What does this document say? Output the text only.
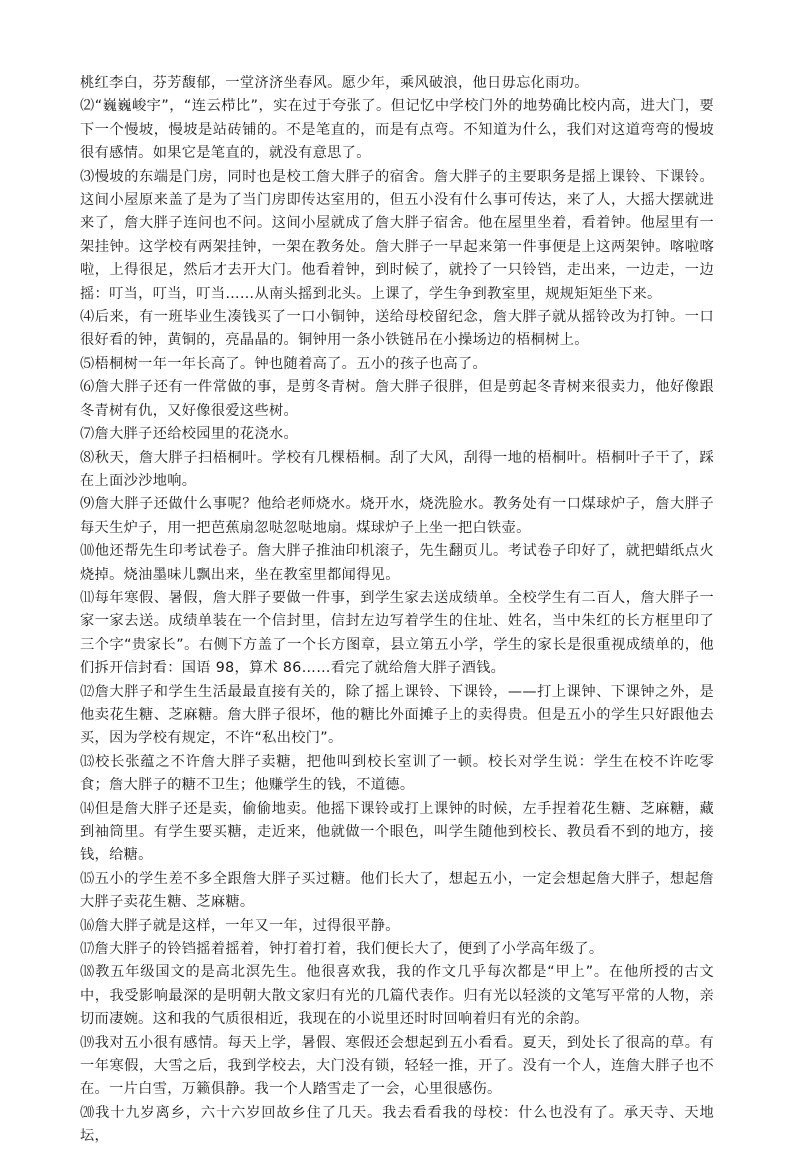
桃红李白，芬芳馥郁，一堂济济坐春风。愿少年，乘风破浪，他日毋忘化雨功。

⑵“巍巍峻宇”，“连云栉比”，实在过于夸张了。但记忆中学校门外的地势确比校内高，进大门，要下一个慢坡，慢坡是站砖铺的。不是笔直的，而是有点弯。不知道为什么，我们对这道弯弯的慢坡很有感情。如果它是笔直的，就没有意思了。

⑶慢坡的东端是门房，同时也是校工詹大胖子的宿舍。詹大胖子的主要职务是摇上课铃、下课铃。这间小屋原来盖了是为了当门房即传达室用的，但五小没有什么事可传达，来了人，大摇大摆就进来了，詹大胖子连问也不问。这间小屋就成了詹大胖子宿舍。他在屋里坐着，看着钟。他屋里有一架挂钟。这学校有两架挂钟，一架在教务处。詹大胖子一早起来第一件事便是上这两架钟。喀啦喀啦，上得很足，然后才去开大门。他看着钟，到时候了，就拎了一只铃铛，走出来，一边走，一边摇：叮当，叮当，叮当……从南头摇到北头。上课了，学生争到教室里，规规矩矩坐下来。

⑷后来，有一班毕业生凑钱买了一口小铜钟，送给母校留纪念，詹大胖子就从摇铃改为打钟。一口很好看的钟，黄铜的，亮晶晶的。铜钟用一条小铁链吊在小操场边的梧桐树上。

⑸梧桐树一年一年长高了。钟也随着高了。五小的孩子也高了。

⑹詹大胖子还有一件常做的事，是剪冬青树。詹大胖子很胖，但是剪起冬青树来很卖力，他好像跟冬青树有仇，又好像很爱这些树。

⑺詹大胖子还给校园里的花浇水。

⑻秋天，詹大胖子扫梧桐叶。学校有几棵梧桐。刮了大风，刮得一地的梧桐叶。梧桐叶子干了，踩在上面沙沙地响。

⑼詹大胖子还做什么事呢？他给老师烧水。烧开水，烧洗脸水。教务处有一口煤球炉子，詹大胖子每天生炉子，用一把芭蕉扇忽哒忽哒地扇。煤球炉子上坐一把白铁壶。

⑽他还帮先生印考试卷子。詹大胖子推油印机滚子，先生翻页儿。考试卷子印好了，就把蜡纸点火烧掉。烧油墨味儿飘出来，坐在教室里都闻得见。

⑾每年寒假、暑假，詹大胖子要做一件事，到学生家去送成绩单。全校学生有二百人，詹大胖子一家一家去送。成绩单装在一个信封里，信封左边写着学生的住址、姓名，当中朱红的长方框里印了三个字“贵家长”。右侧下方盖了一个长方图章，县立第五小学，学生的家长是很重视成绩单的，他们拆开信封看：国语 98，算术 86……看完了就给詹大胖子酒钱。

⑿詹大胖子和学生生活最最直接有关的，除了摇上课铃、下课铃，——打上课钟、下课钟之外，是他卖花生糖、芝麻糖。詹大胖子很坏，他的糖比外面摊子上的卖得贵。但是五小的学生只好跟他去买，因为学校有规定，不许“私出校门”。

⒀校长张蕴之不许詹大胖子卖糖，把他叫到校长室训了一顿。校长对学生说：学生在校不许吃零食；詹大胖子的糖不卫生；他赚学生的钱，不道德。

⒁但是詹大胖子还是卖，偷偷地卖。他摇下课铃或打上课钟的时候，左手捏着花生糖、芝麻糖，藏到袖筒里。有学生要买糖，走近来，他就做一个眼色，叫学生随他到校长、教员看不到的地方，接钱，给糖。

⒂五小的学生差不多全跟詹大胖子买过糖。他们长大了，想起五小，一定会想起詹大胖子，想起詹大胖子卖花生糖、芝麻糖。

⒃詹大胖子就是这样，一年又一年，过得很平静。

⒄詹大胖子的铃铛摇着摇着，钟打着打着，我们便长大了，便到了小学高年级了。

⒅教五年级国文的是高北溟先生。他很喜欢我，我的作文几乎每次都是“甲上”。在他所授的古文中，我受影响最深的是明朝大散文家归有光的几篇代表作。归有光以轻淡的文笔写平常的人物，亲切而凄婉。这和我的气质很相近，我现在的小说里还时时回响着归有光的余韵。

⒆我对五小很有感情。每天上学，暑假、寒假还会想起到五小看看。夏天，到处长了很高的草。有一年寒假，大雪之后，我到学校去，大门没有锁，轻轻一推，开了。没有一个人，连詹大胖子也不在。一片白雪，万籁俱静。我一个人踏雪走了一会，心里很感伤。

⒇我十九岁离乡，六十六岁回故乡住了几天。我去看看我的母校：什么也没有了。承天寺、天地坛，
